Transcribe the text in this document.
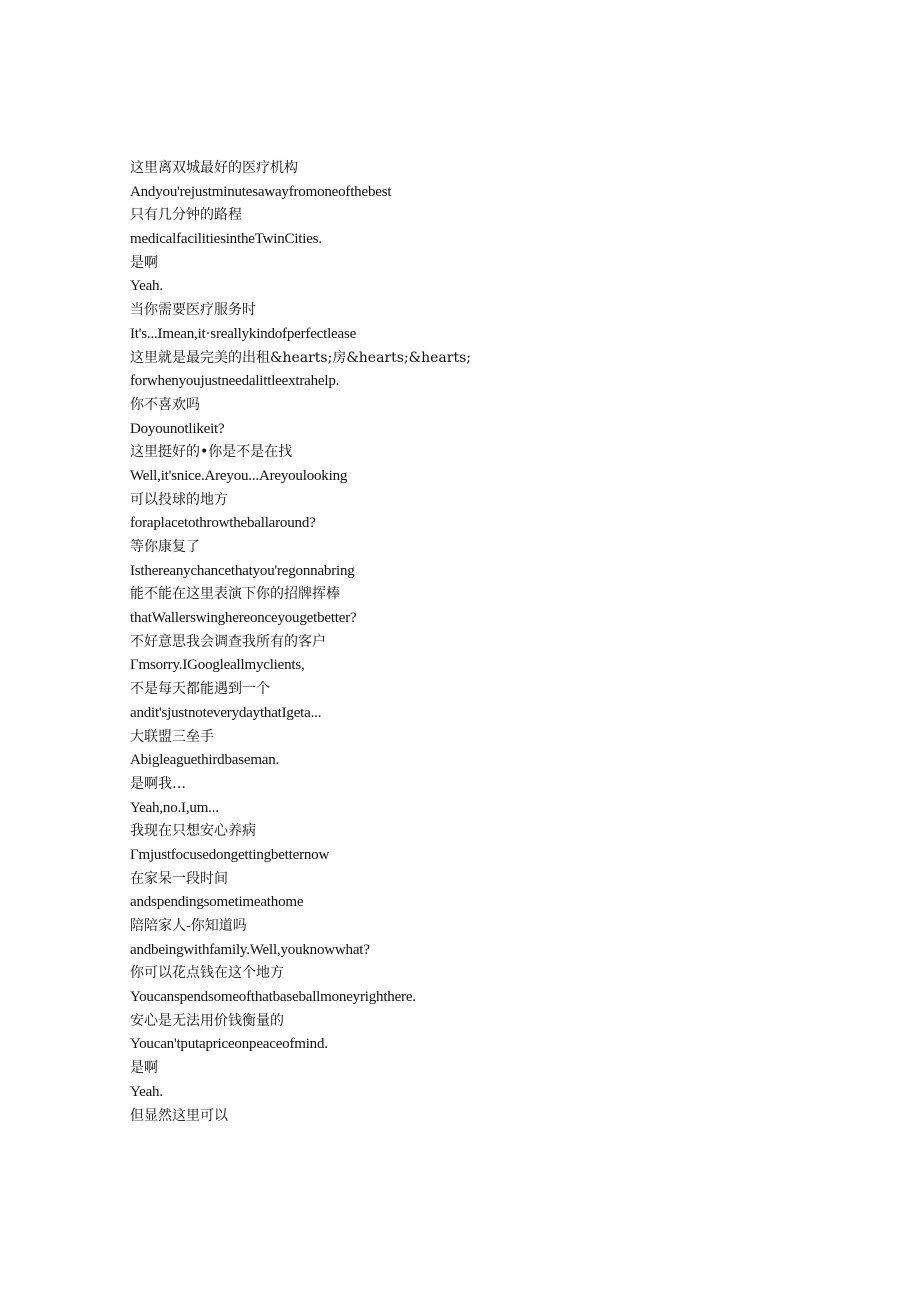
这里离双城最好的医疗机构
Andyou'rejustminutesawayfromoneofthebest
只有几分钟的路程
medicalfacilitiesintheTwinCities.
是啊
Yeah.
当你需要医疗服务时
It's...Imean,it·sreallykindofperfectlease
这里就是最完美的出租&hearts;房&hearts;&hearts;
forwhenyoujustneedalittleextrahelp.
你不喜欢吗
Doyounotlikeit?
这里挺好的•你是不是在找
Well,it'snice.Areyou...Areyoulooking
可以投球的地方
foraplacetothrowtheballaround?
等你康复了
Isthereanychancethatyou'regonnabring
能不能在这里表演下你的招牌挥棒
thatWallerswinghereonceyougetbetter?
不好意思我会调查我所有的客户
Γmsorry.IGoogleallmyclients,
不是每天都能遇到一个
andit'sjustnoteverydaythatIgeta...
大联盟三垒手
Abigleaguethirdbaseman.
是啊我…
Yeah,no.I,um...
我现在只想安心养病
Γmjustfocusedongettingbetternow
在家呆一段时间
andspendingsometimeathome
陪陪家人-你知道吗
andbeingwithfamily.Well,youknowwhat?
你可以花点钱在这个地方
Youcanspendsomeofthatbaseballmoneyrighthere.
安心是无法用价钱衡量的
Youcan'tputapriceonpeaceofmind.
是啊
Yeah.
但显然这里可以
